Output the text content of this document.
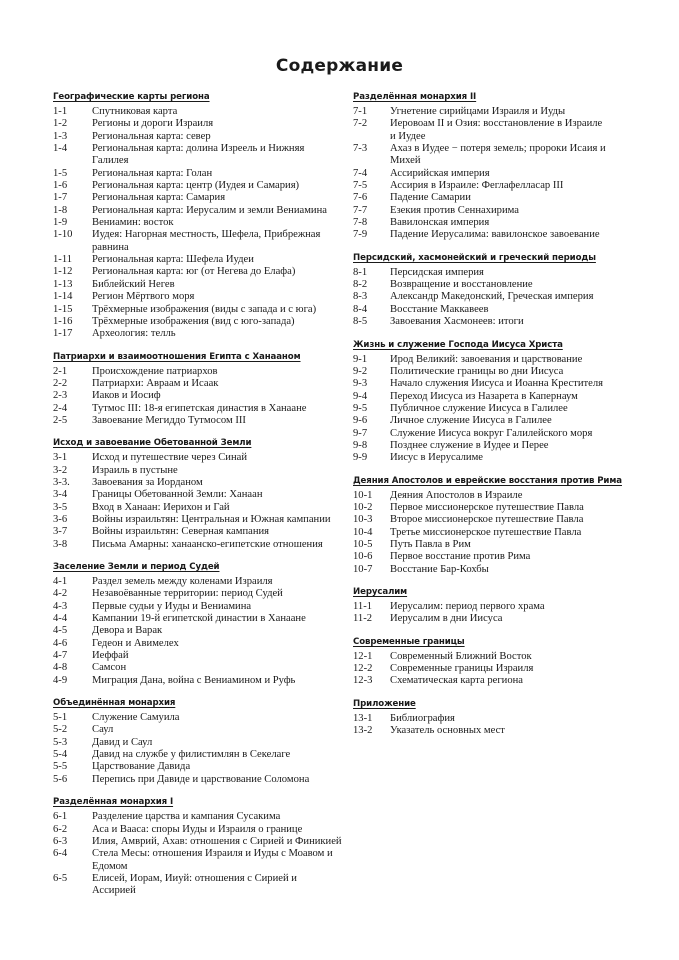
Содержание
Географические карты региона
1-1	Спутниковая карта
1-2	Регионы и дороги Израиля
1-3	Региональная карта: север
1-4	Региональная карта: долина Изреель и Нижняя Галилея
1-5	Региональная карта: Голан
1-6	Региональная карта: центр (Иудея и Самария)
1-7	Региональная карта: Самария
1-8	Региональная карта: Иерусалим и земли Вениамина
1-9	Вениамин: восток
1-10	Иудея: Нагорная местность, Шефела, Прибрежная равнина
1-11	Региональная карта: Шефела Иудеи
1-12	Региональная карта: юг (от Негева до Елафа)
1-13	Библейский Негев
1-14	Регион Мёртвого моря
1-15	Трёхмерные изображения (виды с запада и с юга)
1-16	Трёхмерные изображения (вид с юго-запада)
1-17	Археология: телль
Патриархи и взаимоотношения Египта с Ханааном
2-1	Происхождение патриархов
2-2	Патриархи: Авраам и Исаак
2-3	Иаков и Иосиф
2-4	Тутмос III: 18-я египетская династия в Ханаане
2-5	Завоевание Мегиддо Тутмосом III
Исход и завоевание Обетованной Земли
3-1	Исход и путешествие через Синай
3-2	Израиль в пустыне
3-3.	Завоевания за Иорданом
3-4	Границы Обетованной Земли: Ханаан
3-5	Вход в Ханаан: Иерихон и Гай
3-6	Войны израильтян: Центральная и Южная кампании
3-7	Войны израильтян: Северная кампания
3-8	Письма Амарны: ханаанско-египетские отношения
Заселение Земли и период Судей
4-1	Раздел земель между коленами Израиля
4-2	Незавоёванные территории: период Судей
4-3	Первые судьи у Иуды и Вениамина
4-4	Кампании 19-й египетской династии в Ханаане
4-5	Девора и Варак
4-6	Гедеон и Авимелех
4-7	Иеффай
4-8	Самсон
4-9	Миграция Дана, война с Вениамином и Руфь
Объединённая монархия
5-1	Служение Самуила
5-2	Саул
5-3	Давид и Саул
5-4	Давид на службе у филистимлян в Секелаге
5-5	Царствование Давида
5-6	Перепись при Давиде и царствование Соломона
Разделённая монархия I
6-1	Разделение царства и кампания Сусакима
6-2	Аса и Вааса: споры Иуды и Израиля о границе
6-3	Илия, Амврий, Ахав: отношения с Сирией и Финикией
6-4	Стела Месы: отношения Израиля и Иуды с Моавом и Едомом
6-5	Елисей, Иорам, Ииуй: отношения с Сирией и Ассирией
Разделённая монархия II
7-1	Угнетение сирийцами Израиля и Иуды
7-2	Иеровоам II и Озия: восстановление в Израиле и Иудее
7-3	Ахаз в Иудее − потеря земель; пророки Исаия и Михей
7-4	Ассирийская империя
7-5	Ассирия в Израиле: Феглафелласар III
7-6	Падение Самарии
7-7	Езекия против Сеннахирима
7-8	Вавилонская империя
7-9	Падение Иерусалима: вавилонское завоевание
Персидский, хасмонейский и греческий периоды
8-1	Персидская империя
8-2	Возвращение и восстановление
8-3	Александр Македонский, Греческая империя
8-4	Восстание Маккавеев
8-5	Завоевания Хасмонеев: итоги
Жизнь и служение Господа Иисуса Христа
9-1	Ирод Великий: завоевания и царствование
9-2	Политические границы во дни Иисуса
9-3	Начало служения Иисуса и Иоанна Крестителя
9-4	Переход Иисуса из Назарета в Капернаум
9-5	Публичное служение Иисуса в Галилее
9-6	Личное служение Иисуса в Галилее
9-7	Служение Иисуса вокруг Галилейского моря
9-8	Позднее служение в Иудее и Перее
9-9	Иисус в Иерусалиме
Деяния Апостолов и еврейские восстания против Рима
10-1	Деяния Апостолов в Израиле
10-2	Первое миссионерское путешествие Павла
10-3	Второе миссионерское путешествие Павла
10-4	Третье миссионерское путешествие Павла
10-5	Путь Павла в Рим
10-6	Первое восстание против Рима
10-7	Восстание Бар-Кохбы
Иерусалим
11-1	Иерусалим: период первого храма
11-2	Иерусалим в дни Иисуса
Современные границы
12-1	Современный Ближний Восток
12-2	Современные границы Израиля
12-3	Схематическая карта региона
Приложение
13-1	Библиография
13-2	Указатель основных мест
